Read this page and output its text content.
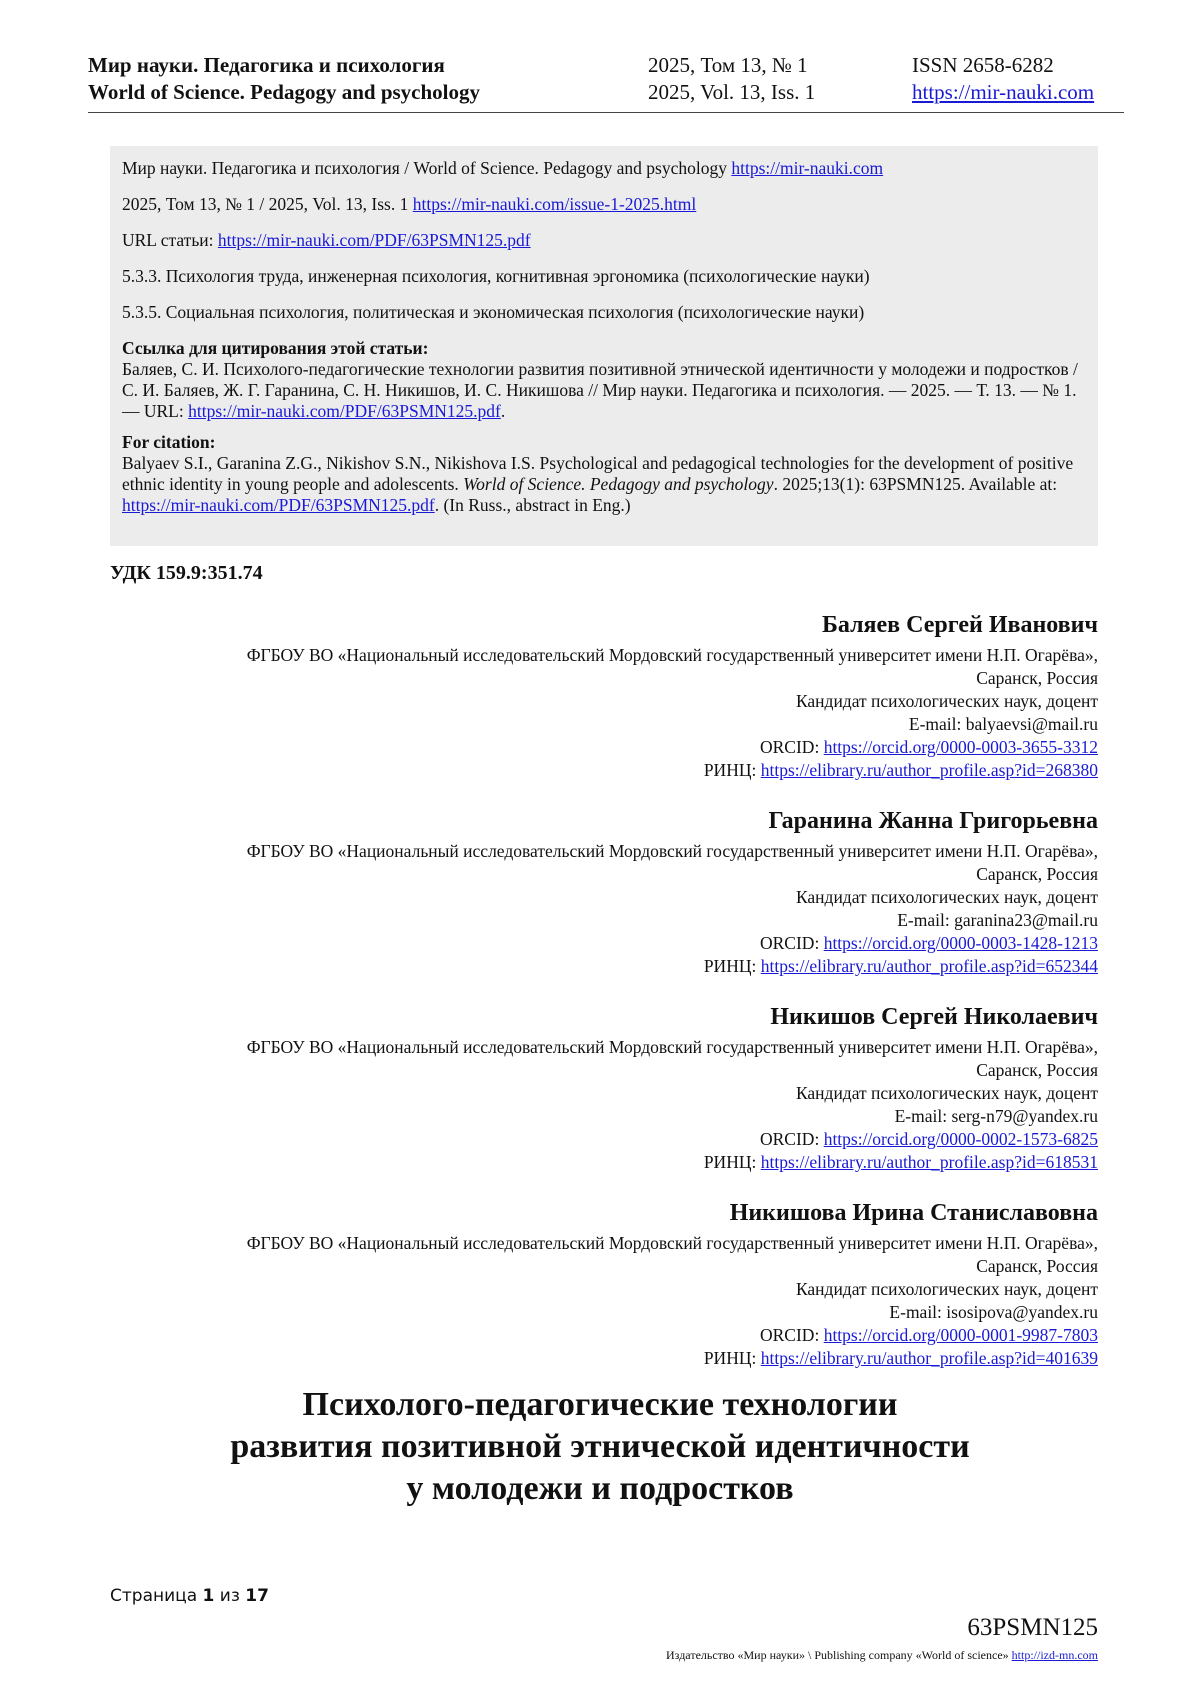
Мир науки. Педагогика и психология
World of Science. Pedagogy and psychology
2025, Том 13, № 1
2025, Vol. 13, Iss. 1
ISSN 2658-6282
https://mir-nauki.com

Мир науки. Педагогика и психология / World of Science. Pedagogy and psychology https://mir-nauki.com

2025, Том 13, № 1 / 2025, Vol. 13, Iss. 1 https://mir-nauki.com/issue-1-2025.html

URL статьи: https://mir-nauki.com/PDF/63PSMN125.pdf

5.3.3. Психология труда, инженерная психология, когнитивная эргономика (психологические науки)

5.3.5. Социальная психология, политическая и экономическая психология (психологические науки)

Ссылка для цитирования этой статьи:
Баляев, С. И. Психолого-педагогические технологии развития позитивной этнической идентичности у молодежи и подростков / С. И. Баляев, Ж. Г. Гаранина, С. Н. Никишов, И. С. Никишова // Мир науки. Педагогика и психология. — 2025. — Т. 13. — № 1. — URL: https://mir-nauki.com/PDF/63PSMN125.pdf.

For citation:
Balyaev S.I., Garanina Z.G., Nikishov S.N., Nikishova I.S. Psychological and pedagogical technologies for the development of positive ethnic identity in young people and adolescents. World of Science. Pedagogy and psychology. 2025;13(1): 63PSMN125. Available at: https://mir-nauki.com/PDF/63PSMN125.pdf. (In Russ., abstract in Eng.)

УДК 159.9:351.74
Баляев Сергей Иванович
ФГБОУ ВО «Национальный исследовательский Мордовский государственный университет имени Н.П. Огарёва»,
Саранск, Россия
Кандидат психологических наук, доцент
E-mail: balyaevsi@mail.ru
ORCID: https://orcid.org/0000-0003-3655-3312
РИНЦ: https://elibrary.ru/author_profile.asp?id=268380
Гаранина Жанна Григорьевна
ФГБОУ ВО «Национальный исследовательский Мордовский государственный университет имени Н.П. Огарёва»,
Саранск, Россия
Кандидат психологических наук, доцент
E-mail: garanina23@mail.ru
ORCID: https://orcid.org/0000-0003-1428-1213
РИНЦ: https://elibrary.ru/author_profile.asp?id=652344
Никишов Сергей Николаевич
ФГБОУ ВО «Национальный исследовательский Мордовский государственный университет имени Н.П. Огарёва»,
Саранск, Россия
Кандидат психологических наук, доцент
E-mail: serg-n79@yandex.ru
ORCID: https://orcid.org/0000-0002-1573-6825
РИНЦ: https://elibrary.ru/author_profile.asp?id=618531
Никишова Ирина Станиславовна
ФГБОУ ВО «Национальный исследовательский Мордовский государственный университет имени Н.П. Огарёва»,
Саранск, Россия
Кандидат психологических наук, доцент
E-mail: isosipova@yandex.ru
ORCID: https://orcid.org/0000-0001-9987-7803
РИНЦ: https://elibrary.ru/author_profile.asp?id=401639
Психолого-педагогические технологии
развития позитивной этнической идентичности
у молодежи и подростков
Страница 1 из 17
63PSMN125
Издательство «Мир науки» \ Publishing company «World of science» http://izd-mn.com
